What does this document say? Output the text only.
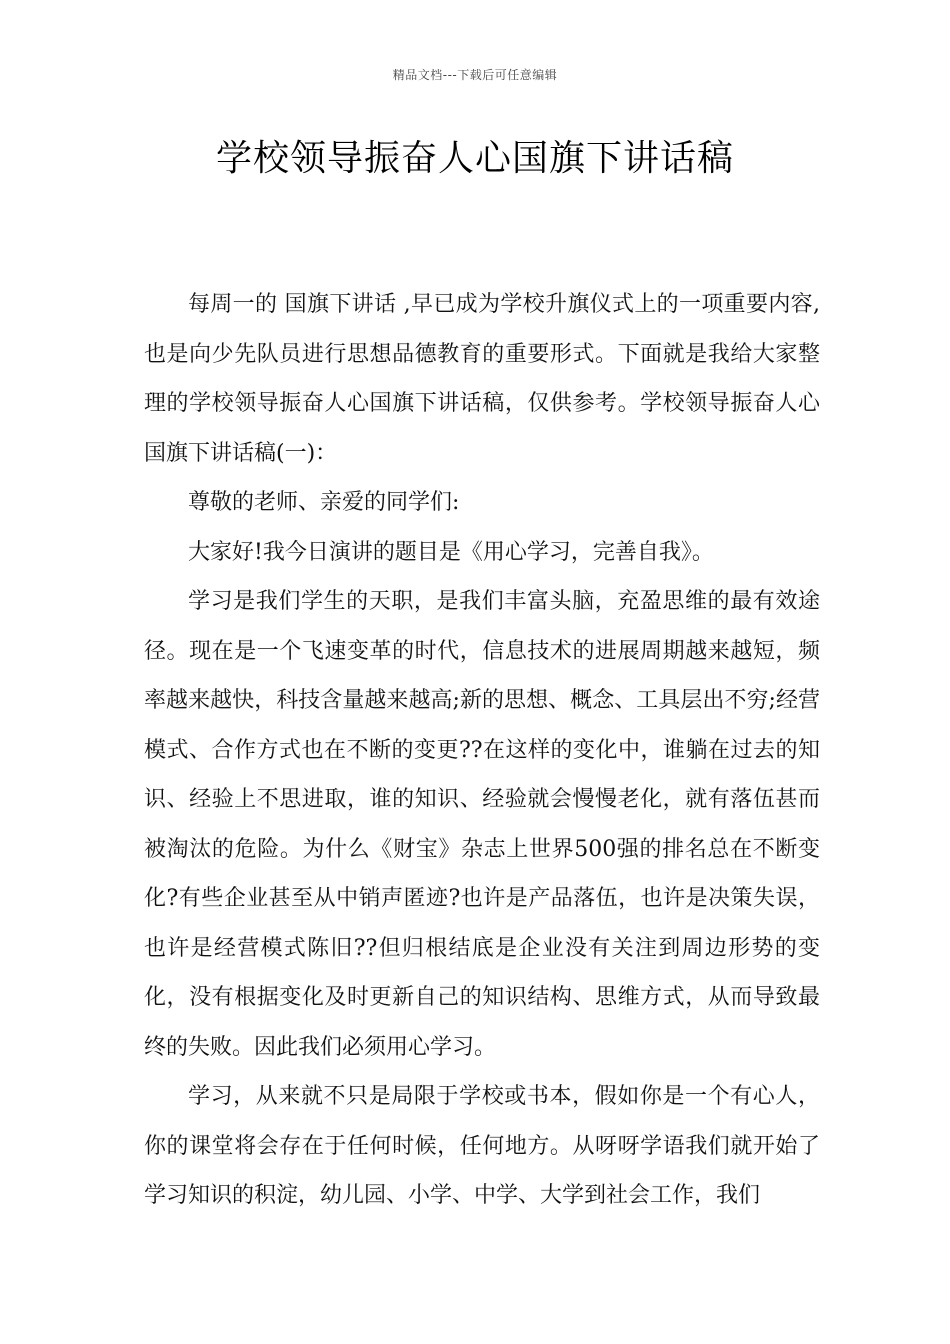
精品文档---下载后可任意编辑
学校领导振奋人心国旗下讲话稿

每周一的 国旗下讲话 ,早已成为学校升旗仪式上的一项重要内容,也是向少先队员进行思想品德教育的重要形式。下面就是我给大家整理的学校领导振奋人心国旗下讲话稿，仅供参考。学校领导振奋人心国旗下讲话稿(一)：

尊敬的老师、亲爱的同学们:

大家好!我今日演讲的题目是《用心学习，完善自我》。

学习是我们学生的天职，是我们丰富头脑，充盈思维的最有效途径。现在是一个飞速变革的时代，信息技术的进展周期越来越短，频率越来越快，科技含量越来越高;新的思想、概念、工具层出不穷;经营模式、合作方式也在不断的变更??在这样的变化中，谁躺在过去的知识、经验上不思进取，谁的知识、经验就会慢慢老化，就有落伍甚而被淘汰的危险。为什么《财宝》杂志上世界500强的排名总在不断变化?有些企业甚至从中销声匿迹?也许是产品落伍，也许是决策失误，也许是经营模式陈旧??但归根结底是企业没有关注到周边形势的变化，没有根据变化及时更新自己的知识结构、思维方式，从而导致最终的失败。因此我们必须用心学习。

学习，从来就不只是局限于学校或书本，假如你是一个有心人，你的课堂将会存在于任何时候，任何地方。从呀呀学语我们就开始了学习知识的积淀，幼儿园、小学、中学、大学到社会工作，我们
